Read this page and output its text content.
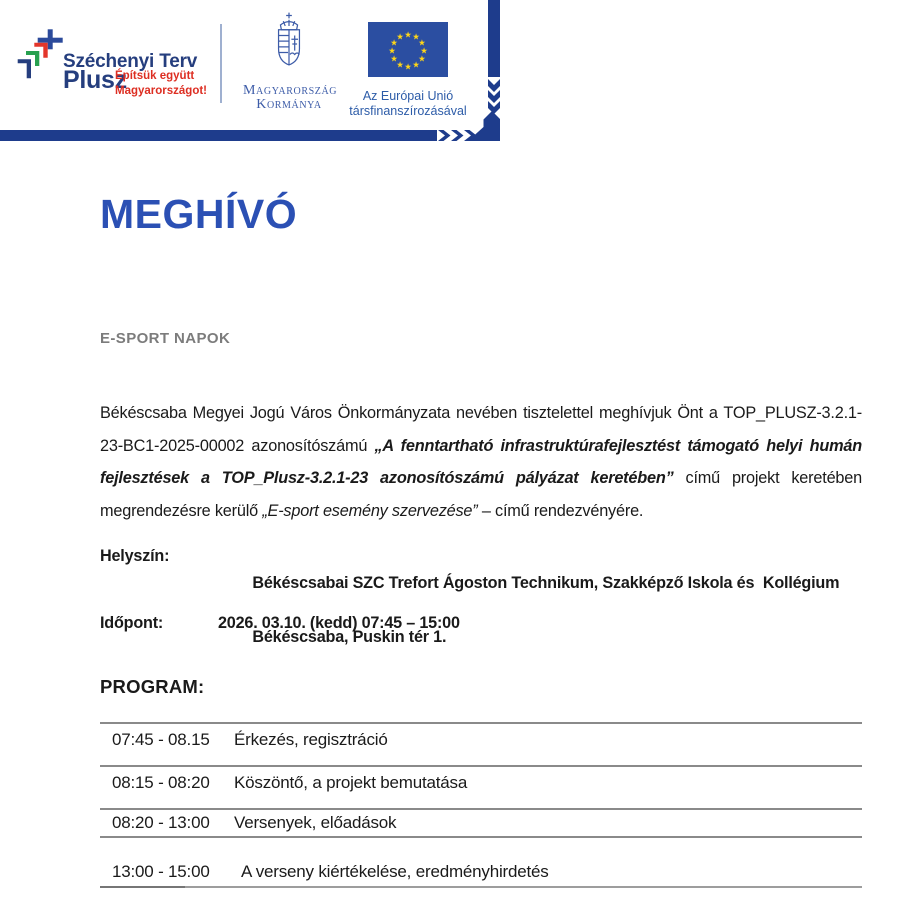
Széchenyi Terv
Plusz
Építsük együtt
Magyarországot!	Magyarország
Kormánya
★ ★
★
★
★
★
★
★
★
★
★
★
Az Európai Unió
társfinanszírozásával
MEGHÍVÓ
E-SPORT NAPOK

Békéscsaba Megyei Jogú Város Önkormányzata nevében tisztelettel meghívjuk Önt a TOP_PLUSZ-3.2.1-23-BC1-2025-00002 azonosítószámú „A fenntartható infrastruktúrafejlesztést támogató helyi humán fejlesztések a TOP_Plusz-3.2.1-23 azonosítószámú pályázat keretében” című projekt keretében megrendezésre kerülő „E-sport esemény szervezése” – című rendezvényére.

Helyszín:

Békéscsabai SZC Trefort Ágoston Technikum, Szakképző Iskola és  Kollégium

Békéscsaba, Puskin tér 1.

Időpont:	2026. 03.10. (kedd) 07:45 – 15:00
PROGRAM:
07:45 - 08.15	Érkezés, regisztráció
08:15 - 08:20	Köszöntő, a projekt bemutatása
08:20 - 13:00	Versenyek, előadások
13:00 - 15:00	A verseny kiértékelése, eredményhirdetés
